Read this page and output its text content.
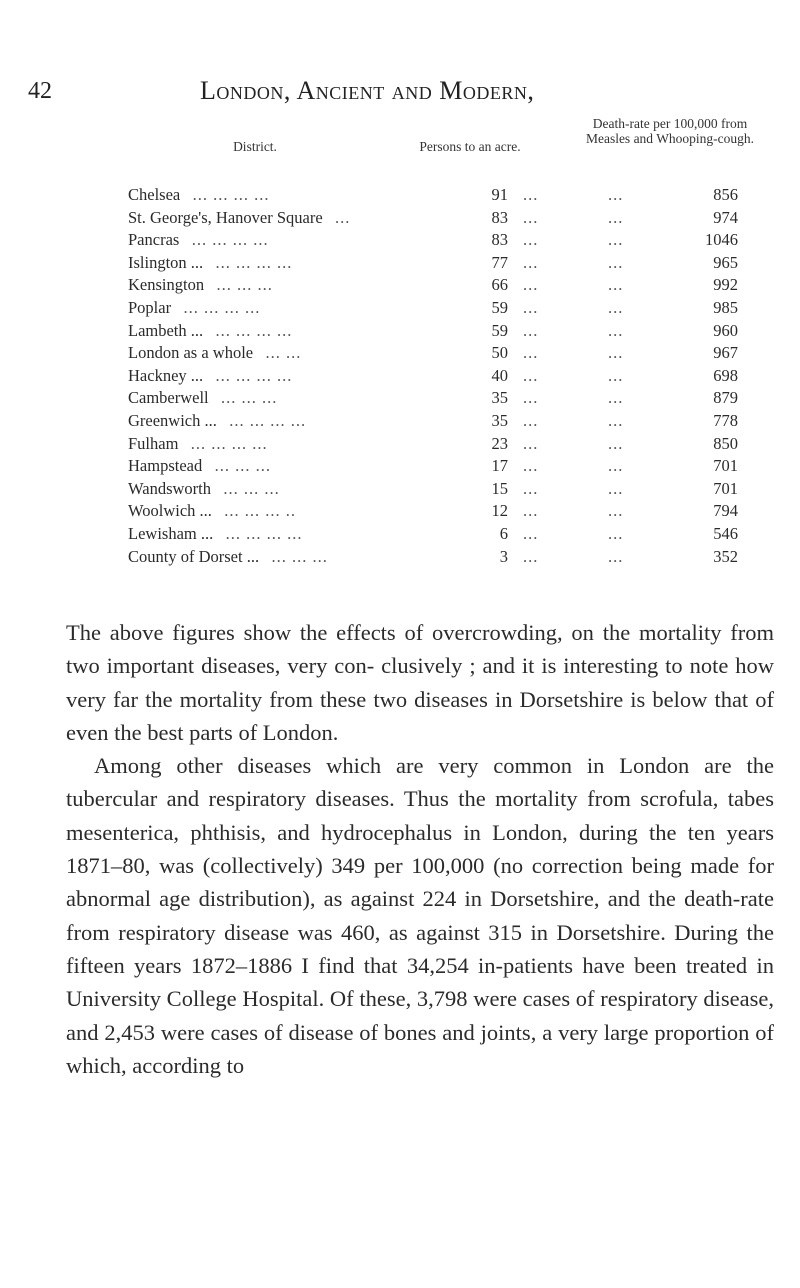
42	London, Ancient and Modern,
District.	Persons to an acre.
Death-rate per 100,000 from Measles and Whooping-cough.
Chelsea ... ... ... ...	91 ...	...	856
St. George's, Hanover Square ...	83 ...	...	974
Pancras ... ... ... ...	83 ...	...	1046
Islington ... ... ... ... ...	77 ...	...	965
Kensington ... ... ...	66 ...	...	992
Poplar ... ... ... ...	59 ...	...	985
Lambeth ... ... ... ... ...	59 ...	...	960
London as a whole ... ...	50 ...	...	967
Hackney ... ... ... ... ...	40 ...	...	698
Camberwell ... ... ...	35 ...	...	879
Greenwich ... ... ... ... ...	35 ...	...	778
Fulham ... ... ... ...	23 ...	...	850
Hampstead ... ... ...	17 ...	...	701
Wandsworth ... ... ...	15 ...	...	701
Woolwich ... ... ... ... ..	12 ...	...	794
Lewisham ... ... ... ... ...	6 ...	...	546
County of Dorset ... ... ... ...	3 ...	...	352

The above figures show the effects of overcrowding, on the mortality from two important diseases, very con- clusively ; and it is interesting to note how very far the mortality from these two diseases in Dorsetshire is below that of even the best parts of London.

Among other diseases which are very common in London are the tubercular and respiratory diseases. Thus the mortality from scrofula, tabes mesenterica, phthisis, and hydrocephalus in London, during the ten years 1871–80, was (collectively) 349 per 100,000 (no correction being made for abnormal age distribution), as against 224 in Dorsetshire, and the death-rate from respiratory disease was 460, as against 315 in Dorsetshire. During the fifteen years 1872–1886 I find that 34,254 in-patients have been treated in University College Hospital. Of these, 3,798 were cases of respiratory disease, and 2,453 were cases of disease of bones and joints, a very large proportion of which, according to
